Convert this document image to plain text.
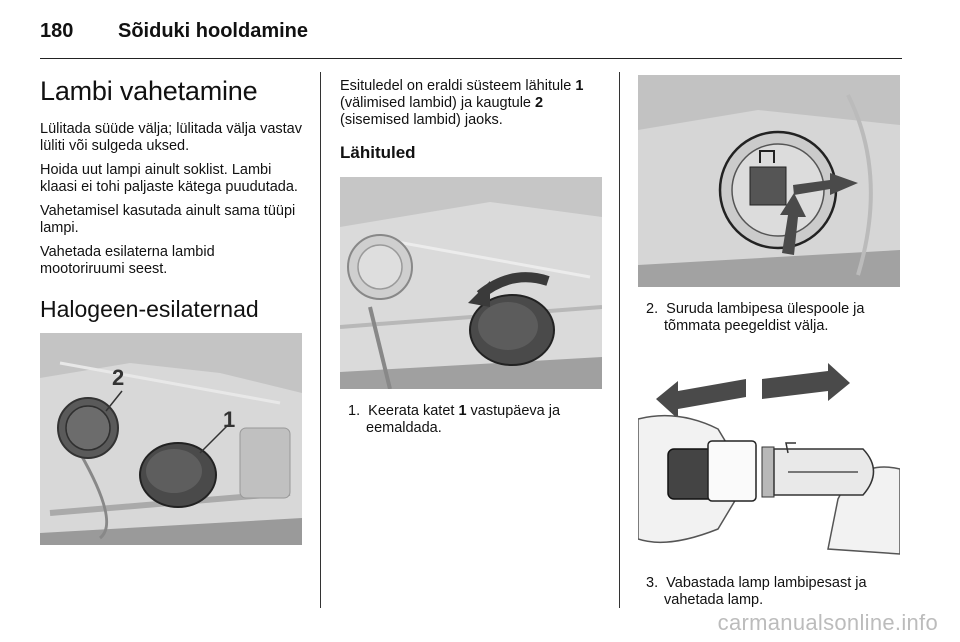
180 Sõiduki hooldamine
Lambi vahetamine

Lülitada süüde välja; lülitada välja vastav lüliti või sulgeda uksed.

Hoida uut lampi ainult soklist. Lambi klaasi ei tohi paljaste kätega puudutada.

Vahetamisel kasutada ainult sama tüüpi lampi.

Vahetada esilaterna lambid mootoriruumi seest.

Halogeen-esilaternad
2
1

Esituledel on eraldi süsteem lähitule 1 (välimised lambid) ja kaugtule 2 (sisemised lambid) jaoks.

Lähituled
1. Keerata katet 1 vastupäeva ja eemaldada.
2. Suruda lambipesa ülespoole ja tõmmata peegeldist välja.
3. Vabastada lamp lambipesast ja vahetada lamp.
carmanualsonline.info
